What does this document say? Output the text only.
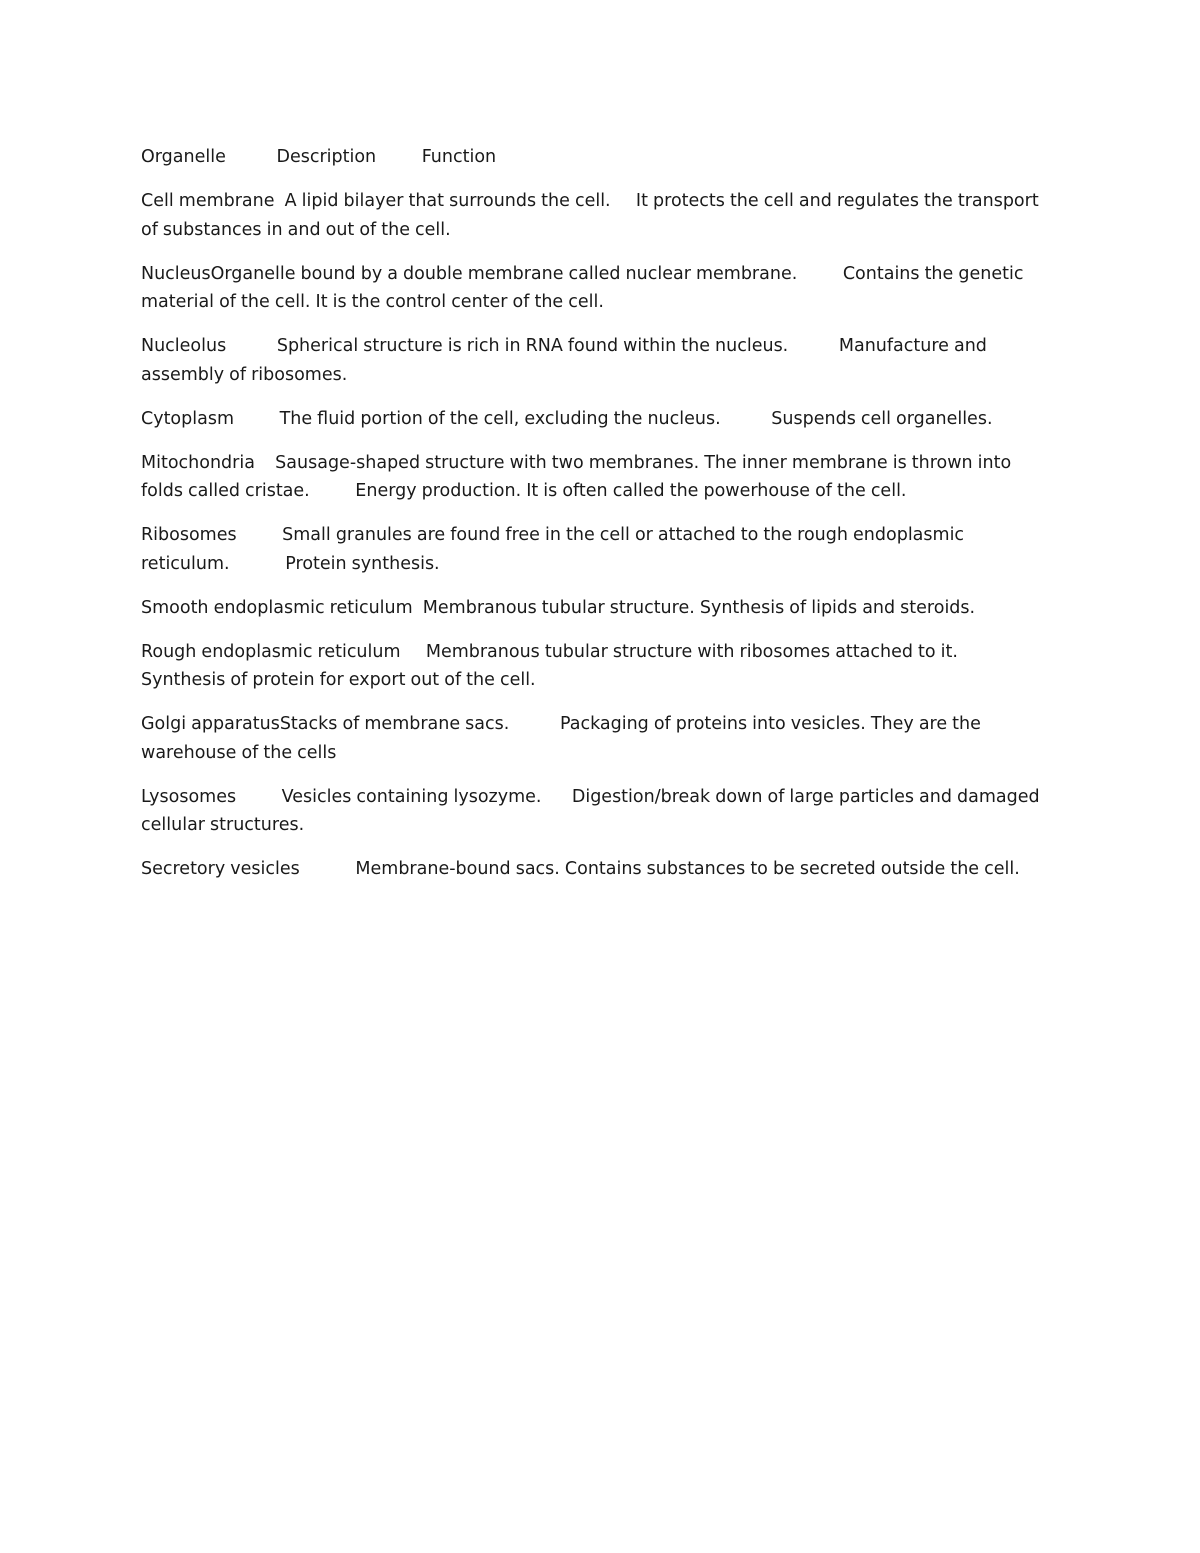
Organelle          Description         Function

Cell membrane  A lipid bilayer that surrounds the cell.     It protects the cell and regulates the transport of substances in and out of the cell.

NucleusOrganelle bound by a double membrane called nuclear membrane.         Contains the genetic material of the cell. It is the control center of the cell.

Nucleolus          Spherical structure is rich in RNA found within the nucleus.          Manufacture and assembly of ribosomes.

Cytoplasm         The fluid portion of the cell, excluding the nucleus.          Suspends cell organelles.

Mitochondria    Sausage-shaped structure with two membranes. The inner membrane is thrown into folds called cristae.         Energy production. It is often called the powerhouse of the cell.

Ribosomes         Small granules are found free in the cell or attached to the rough endoplasmic reticulum.           Protein synthesis.

Smooth endoplasmic reticulum  Membranous tubular structure. Synthesis of lipids and steroids.

Rough endoplasmic reticulum     Membranous tubular structure with ribosomes attached to it.          Synthesis of protein for export out of the cell.

Golgi apparatusStacks of membrane sacs.          Packaging of proteins into vesicles. They are the warehouse of the cells

Lysosomes         Vesicles containing lysozyme.      Digestion/break down of large particles and damaged cellular structures.

Secretory vesicles           Membrane-bound sacs. Contains substances to be secreted outside the cell.
